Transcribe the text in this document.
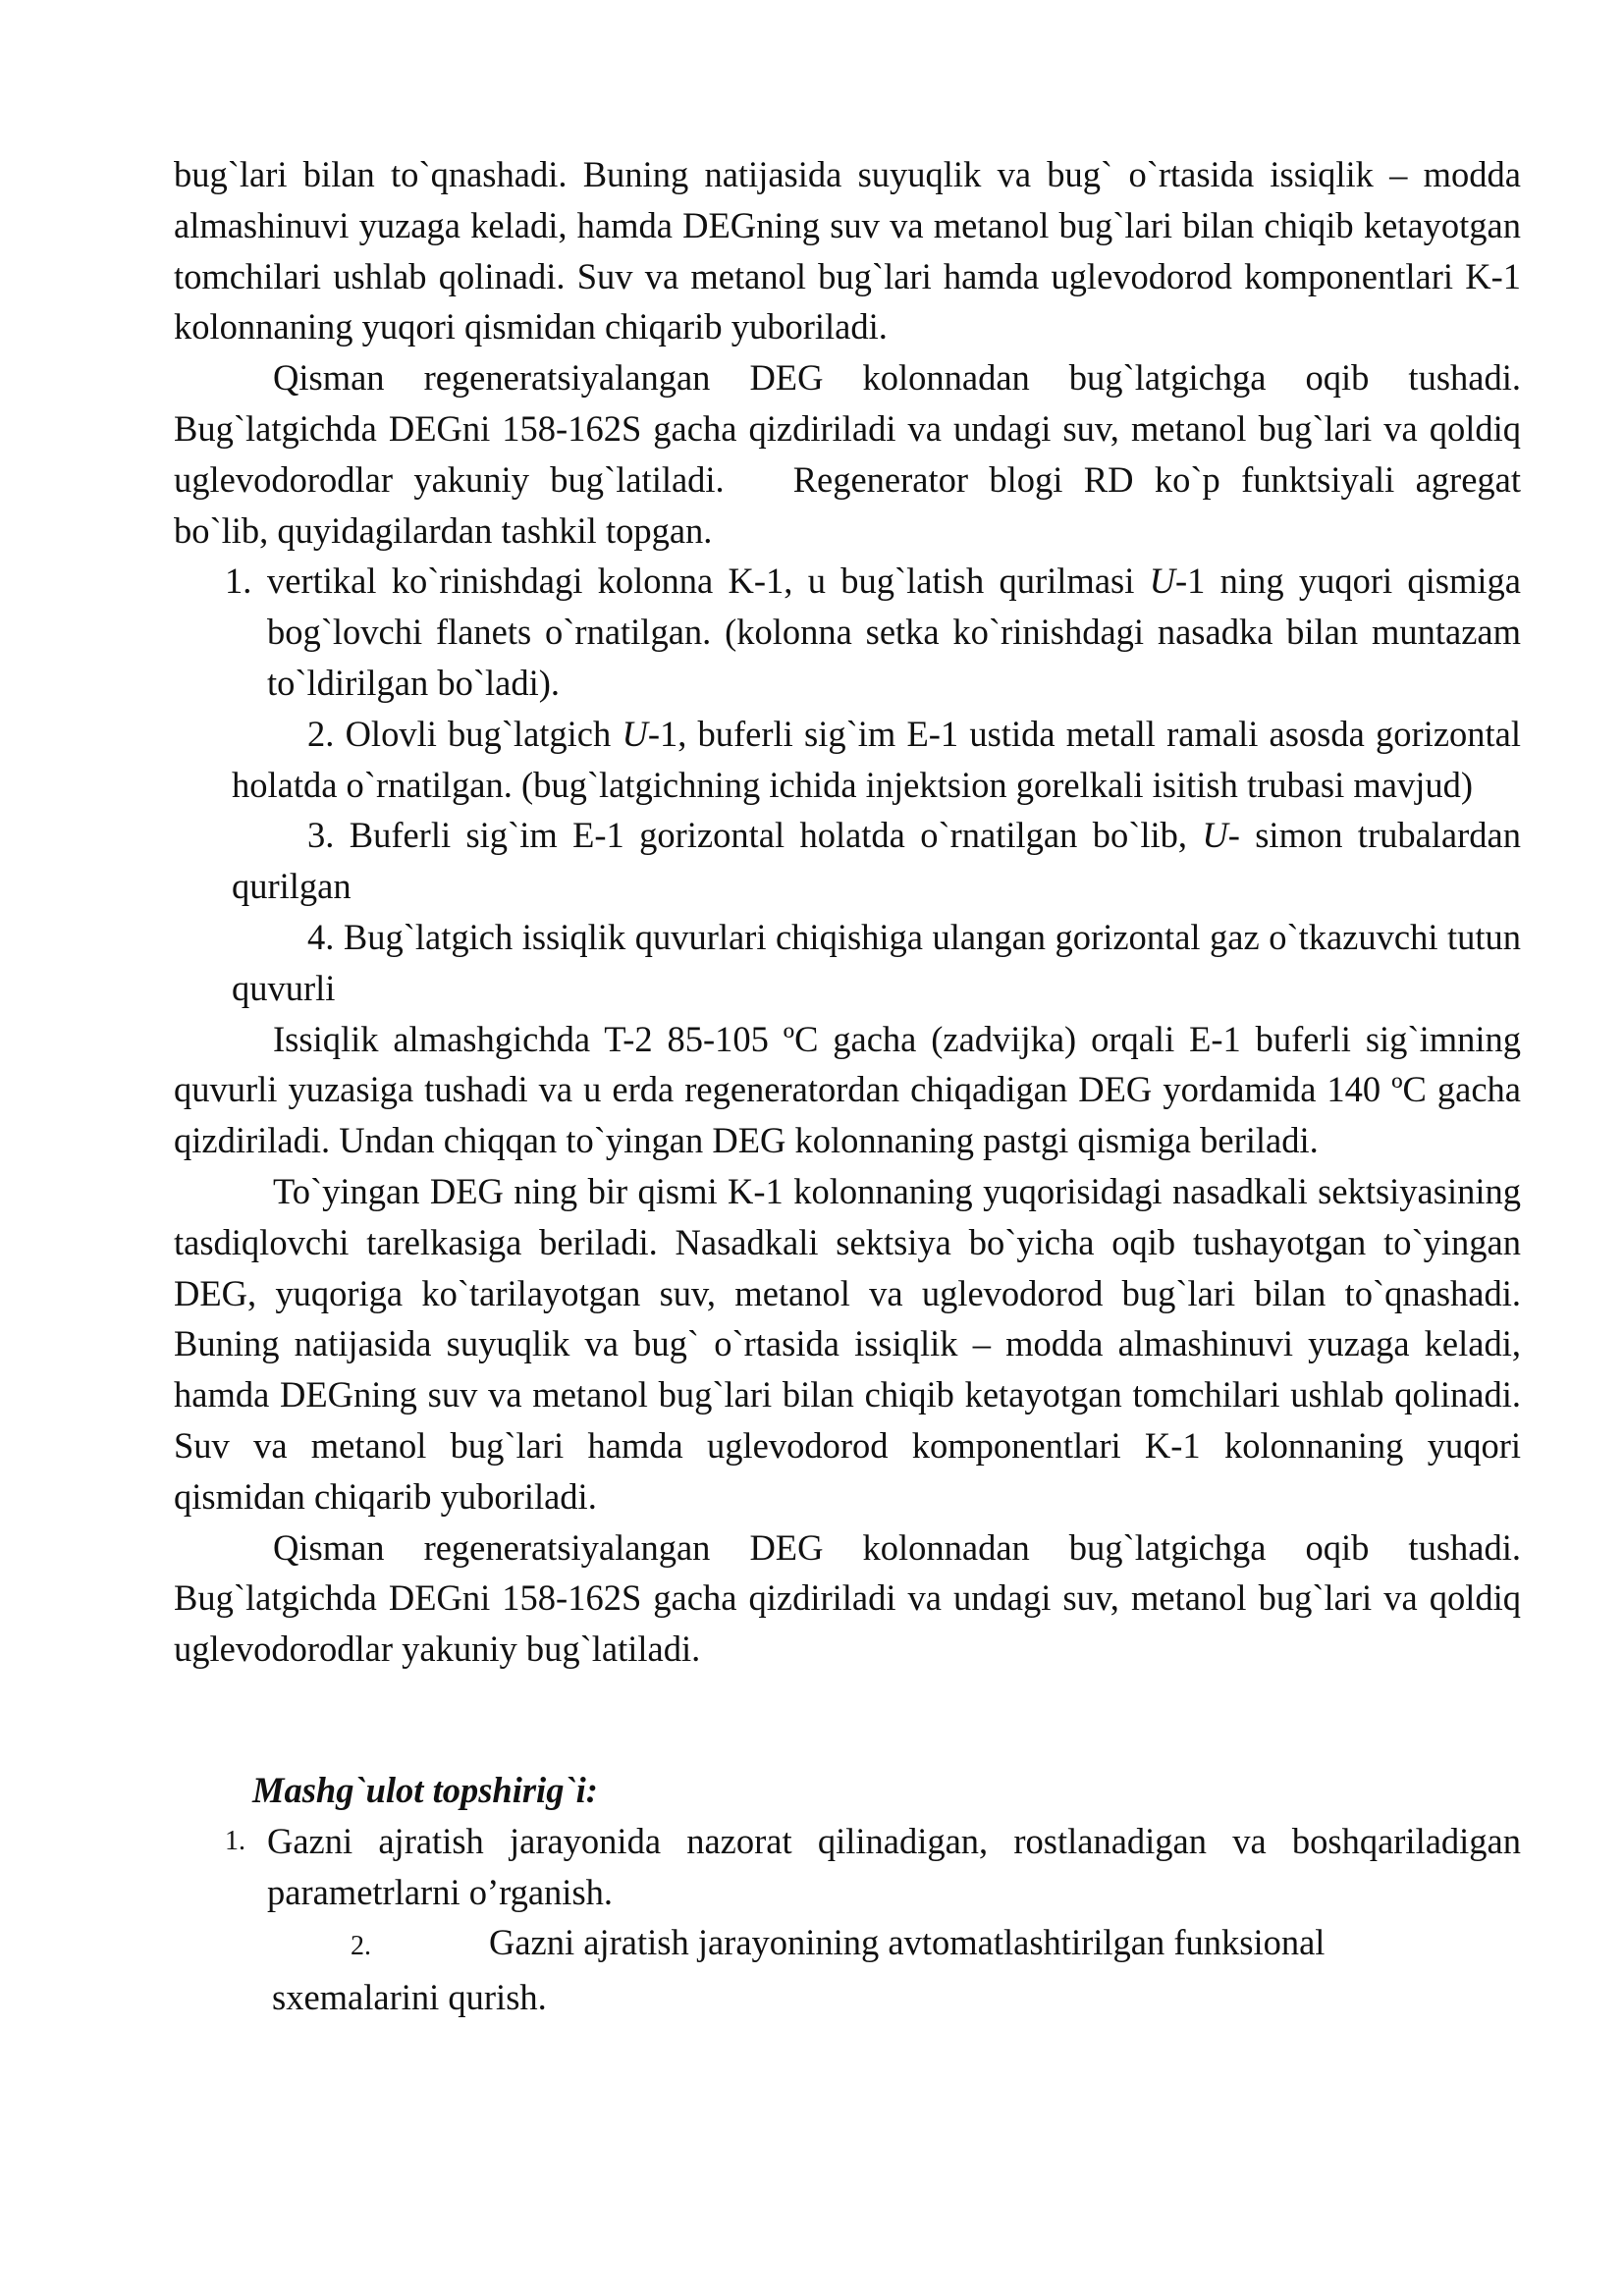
bug`lari bilan to`qnashadi. Buning natijasida suyuqlik va bug` o`rtasida issiqlik – modda almashinuvi yuzaga keladi, hamda DEGning suv va metanol bug`lari bilan chiqib ketayotgan tomchilari ushlab qolinadi. Suv va metanol bug`lari hamda uglevodorod komponentlari K-1 kolonnaning yuqori qismidan chiqarib yuboriladi.

Qisman regeneratsiyalangan DEG kolonnadan bug`latgichga oqib tushadi. Bug`latgichda DEGni 158-162S gacha qizdiriladi va undagi suv, metanol bug`lari va qoldiq uglevodorodlar yakuniy bug`latiladi. Regenerator blogi RD ko`p funktsiyali agregat bo`lib, quyidagilardan tashkil topgan.

1. vertikal ko`rinishdagi kolonna K-1, u bug`latish qurilmasi U-1 ning yuqori qismiga bog`lovchi flanets o`rnatilgan. (kolonna setka ko`rinishdagi nasadka bilan muntazam to`ldirilgan bo`ladi).

2. Olovli bug`latgich U-1, buferli sig`im E-1 ustida metall ramali asosda gorizontal holatda o`rnatilgan. (bug`latgichning ichida injektsion gorelkali isitish trubasi mavjud)

3. Buferli sig`im E-1 gorizontal holatda o`rnatilgan bo`lib, U- simon trubalardan qurilgan

4. Bug`latgich issiqlik quvurlari chiqishiga ulangan gorizontal gaz o`tkazuvchi tutun quvurli

Issiqlik almashgichda T-2 85-105 ºC gacha (zadvijka) orqali E-1 buferli sig`imning quvurli yuzasiga tushadi va u erda regeneratordan chiqadigan DEG yordamida 140 ºC gacha qizdiriladi. Undan chiqqan to`yingan DEG kolonnaning pastgi qismiga beriladi.

To`yingan DEG ning bir qismi K-1 kolonnaning yuqorisidagi nasadkali sektsiyasining tasdiqlovchi tarelkasiga beriladi. Nasadkali sektsiya bo`yicha oqib tushayotgan to`yingan DEG, yuqoriga ko`tarilayotgan suv, metanol va uglevodorod bug`lari bilan to`qnashadi. Buning natijasida suyuqlik va bug` o`rtasida issiqlik – modda almashinuvi yuzaga keladi, hamda DEGning suv va metanol bug`lari bilan chiqib ketayotgan tomchilari ushlab qolinadi. Suv va metanol bug`lari hamda uglevodorod komponentlari K-1 kolonnaning yuqori qismidan chiqarib yuboriladi.

Qisman regeneratsiyalangan DEG kolonnadan bug`latgichga oqib tushadi. Bug`latgichda DEGni 158-162S gacha qizdiriladi va undagi suv, metanol bug`lari va qoldiq uglevodorodlar yakuniy bug`latiladi.

Mashg`ulot topshirig`i:

1. Gazni ajratish jarayonida nazorat qilinadigan, rostlanadigan va boshqariladigan parametrlarni o’rganish.

2.	Gazni ajratish jarayonining avtomatlashtirilgan funksional
sxemalarini qurish.
